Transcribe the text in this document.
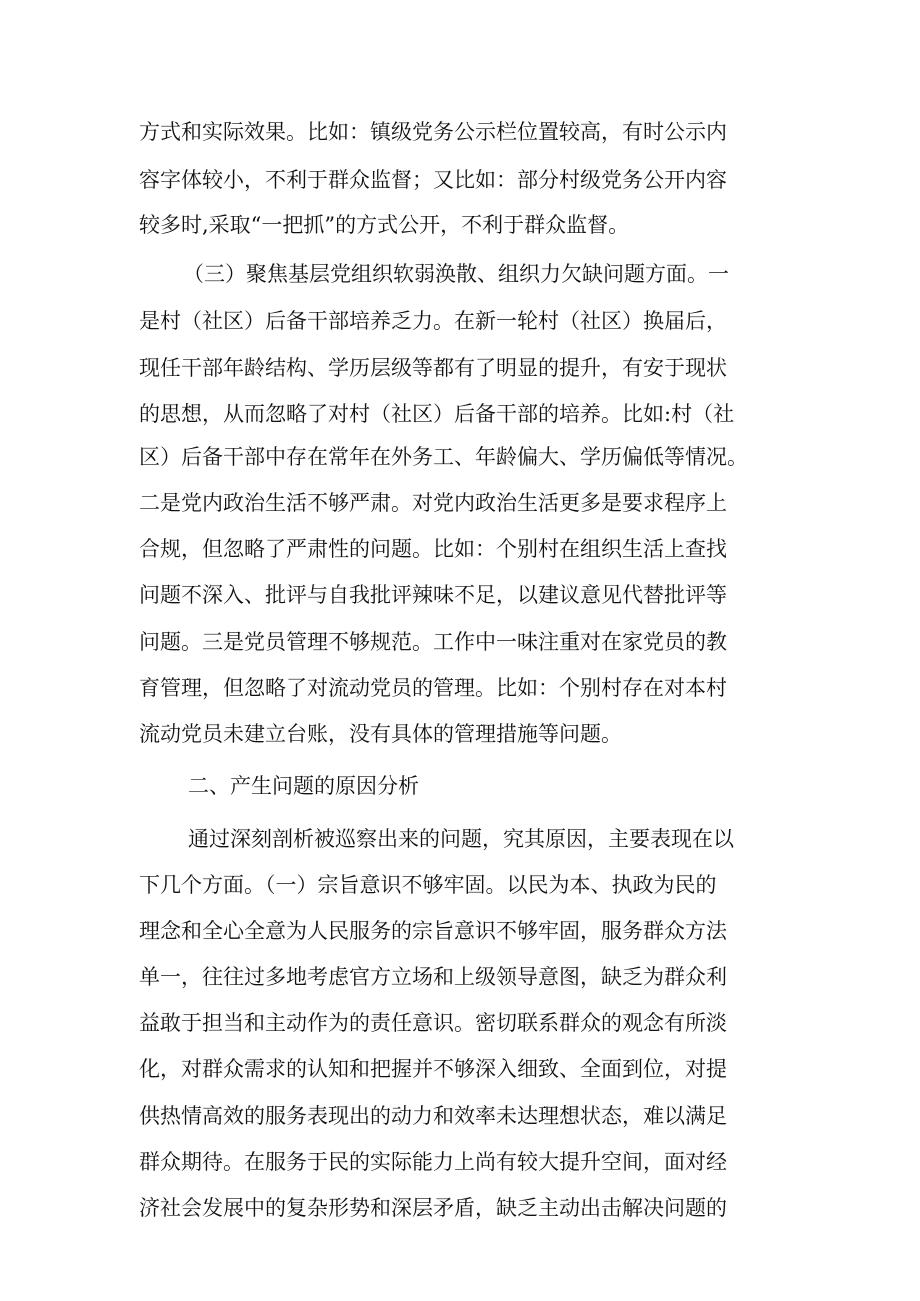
方式和实际效果。比如：镇级党务公示栏位置较高，有时公示内
容字体较小，不利于群众监督；又比如：部分村级党务公开内容
较多时,采取“一把抓”的方式公开，不利于群众监督。
（三）聚焦基层党组织软弱涣散、组织力欠缺问题方面。一
是村（社区）后备干部培养乏力。在新一轮村（社区）换届后，
现任干部年龄结构、学历层级等都有了明显的提升，有安于现状
的思想，从而忽略了对村（社区）后备干部的培养。比如:村（社
区）后备干部中存在常年在外务工、年龄偏大、学历偏低等情况。
二是党内政治生活不够严肃。对党内政治生活更多是要求程序上
合规，但忽略了严肃性的问题。比如：个别村在组织生活上查找
问题不深入、批评与自我批评辣味不足，以建议意见代替批评等
问题。三是党员管理不够规范。工作中一味注重对在家党员的教
育管理，但忽略了对流动党员的管理。比如：个别村存在对本村
流动党员未建立台账，没有具体的管理措施等问题。
二、产生问题的原因分析
通过深刻剖析被巡察出来的问题，究其原因，主要表现在以
下几个方面。（一）宗旨意识不够牢固。以民为本、执政为民的
理念和全心全意为人民服务的宗旨意识不够牢固，服务群众方法
单一，往往过多地考虑官方立场和上级领导意图，缺乏为群众利
益敢于担当和主动作为的责任意识。密切联系群众的观念有所淡
化，对群众需求的认知和把握并不够深入细致、全面到位，对提
供热情高效的服务表现出的动力和效率未达理想状态，难以满足
群众期待。在服务于民的实际能力上尚有较大提升空间，面对经
济社会发展中的复杂形势和深层矛盾，缺乏主动出击解决问题的
